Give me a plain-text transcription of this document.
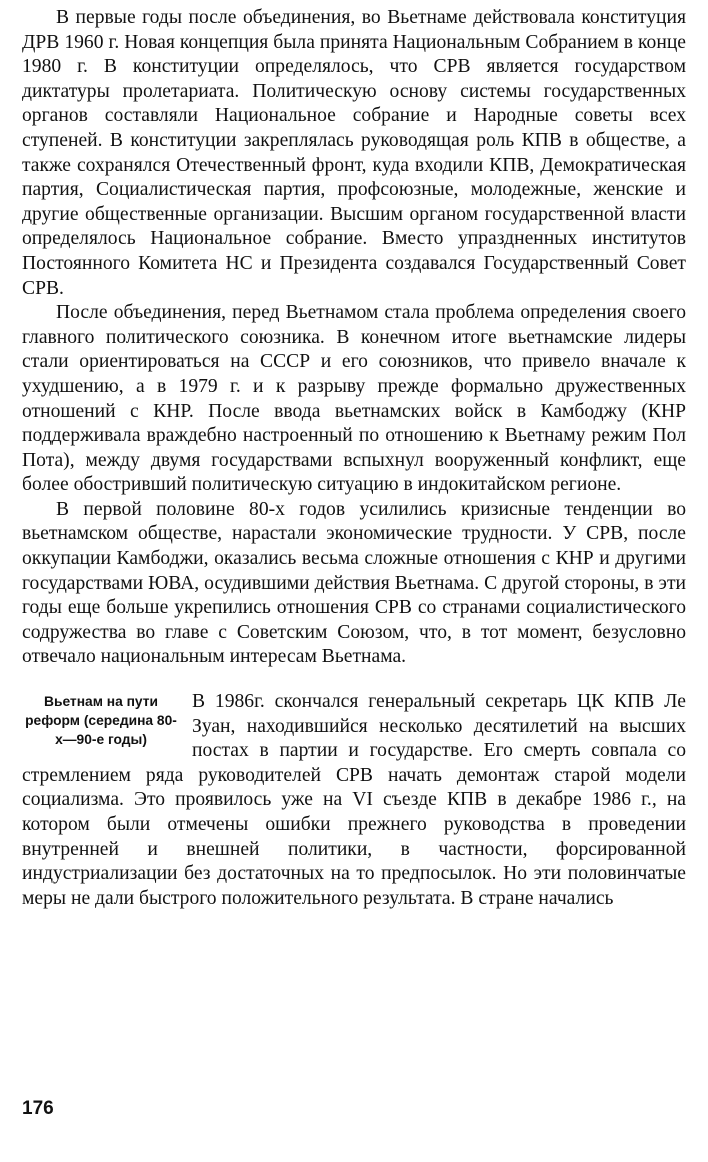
В первые годы после объединения, во Вьетнаме действовала конституция ДРВ 1960 г. Новая концепция была принята Национальным Собранием в конце 1980 г. В конституции определялось, что СРВ является государством диктатуры пролетариата. Политическую основу системы государственных органов составляли Национальное собрание и Народные советы всех ступеней. В конституции закреплялась руководящая роль КПВ в обществе, а также сохранялся Отечественный фронт, куда входили КПВ, Демократическая партия, Социалистическая партия, профсоюзные, молодежные, женские и другие общественные организации. Высшим органом государственной власти определялось Национальное собрание. Вместо упраздненных институтов Постоянного Комитета НС и Президента создавался Государственный Совет СРВ.

После объединения, перед Вьетнамом стала проблема определения своего главного политического союзника. В конечном итоге вьетнамские лидеры стали ориентироваться на СССР и его союзников, что привело вначале к ухудшению, а в 1979 г. и к разрыву прежде формально дружественных отношений с КНР. После ввода вьетнамских войск в Камбоджу (КНР поддерживала враждебно настроенный по отношению к Вьетнаму режим Пол Пота), между двумя государствами вспыхнул вооруженный конфликт, еще более обостривший политическую ситуацию в индокитайском регионе.

В первой половине 80-х годов усилились кризисные тенденции во вьетнамском обществе, нарастали экономические трудности. У СРВ, после оккупации Камбоджи, оказались весьма сложные отношения с КНР и другими государствами ЮВА, осудившими действия Вьетнама. С другой стороны, в эти годы еще больше укрепились отношения СРВ со странами социалистического содружества во главе с Советским Союзом, что, в тот момент, безусловно отвечало национальным интересам Вьетнама.

Вьетнам на пути реформ (середина 80-х—90-е годы)

В 1986г. скончался генеральный секретарь ЦК КПВ Ле Зуан, находившийся несколько десятилетий на высших постах в партии и государстве. Его смерть совпала со стремлением ряда руководителей СРВ начать демонтаж старой модели социализма. Это проявилось уже на VI съезде КПВ в декабре 1986 г., на котором были отмечены ошибки прежнего руководства в проведении внутренней и внешней политики, в частности, форсированной индустриализации без достаточных на то предпосылок. Но эти половинчатые меры не дали быстрого положительного результата. В стране начались

176
